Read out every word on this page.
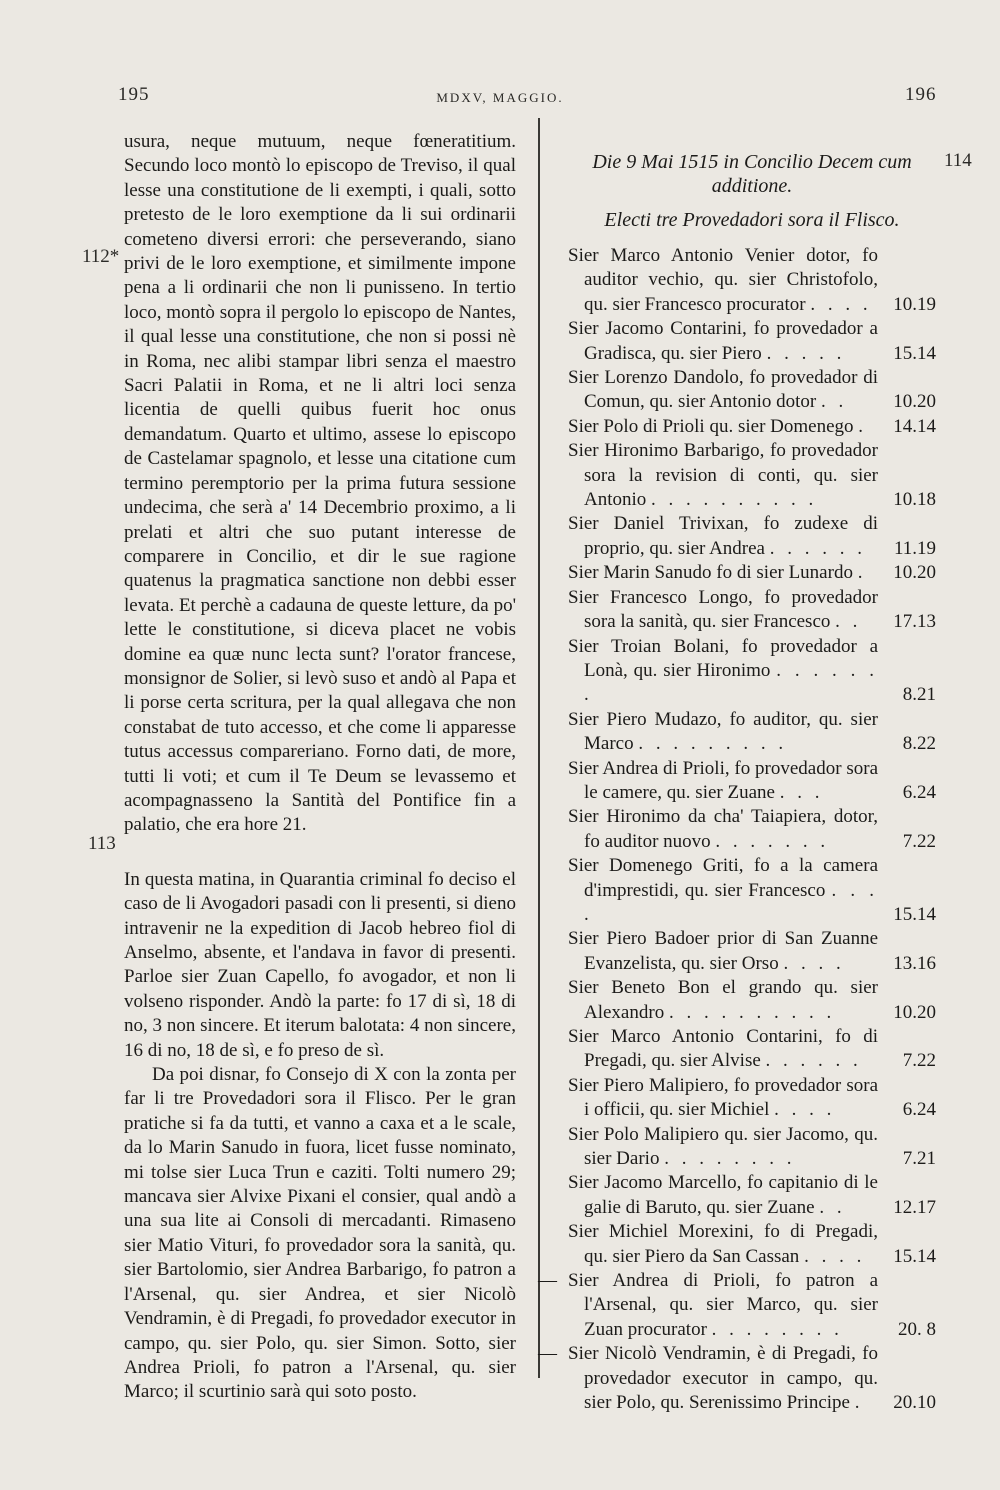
195	MDXV, MAGGIO.	196
112*
113
114

usura, neque mutuum, neque fœneratitium. Secundo loco montò lo episcopo de Treviso, il qual lesse una constitutione de li exempti, i quali, sotto pretesto de le loro exemptione da li sui ordinarii cometeno diversi errori: che perseverando, siano privi de le loro exemptione, et similmente impone pena a li ordinarii che non li punisseno. In tertio loco, montò sopra il pergolo lo episcopo de Nantes, il qual lesse una constitutione, che non si possi nè in Roma, nec alibi stampar libri senza el maestro Sacri Palatii in Roma, et ne li altri loci senza licentia de quelli quibus fuerit hoc onus demandatum. Quarto et ultimo, assese lo episcopo de Castelamar spagnolo, et lesse una citatione cum termino peremptorio per la prima futura sessione undecima, che serà a' 14 Decembrio proximo, a li prelati et altri che suo putant interesse de comparere in Concilio, et dir le sue ragione quatenus la pragmatica sanctione non debbi esser levata. Et perchè a cadauna de queste letture, da po' lette le constitutione, si diceva placet ne vobis domine ea quæ nunc lecta sunt? l'orator francese, monsignor de Solier, si levò suso et andò al Papa et li porse certa scritura, per la qual allegava che non constabat de tuto accesso, et che come li apparesse tutus accessus compareriano. Forno dati, de more, tutti li voti; et cum il Te Deum se levassemo et acompagnasseno la Santità del Pontifice fin a palatio, che era hore 21.

In questa matina, in Quarantia criminal fo deciso el caso de li Avogadori pasadi con li presenti, si dieno intravenir ne la expedition di Jacob hebreo fiol di Anselmo, absente, et l'andava in favor di presenti. Parloe sier Zuan Capello, fo avogador, et non li volseno risponder. Andò la parte: fo 17 di sì, 18 di no, 3 non sincere. Et iterum balotata: 4 non sincere, 16 di no, 18 de sì, e fo preso de sì.

Da poi disnar, fo Consejo di X con la zonta per far li tre Provedadori sora il Flisco. Per le gran pratiche si fa da tutti, et vanno a caxa et a le scale, da lo Marin Sanudo in fuora, licet fusse nominato, mi tolse sier Luca Trun e caziti. Tolti numero 29; mancava sier Alvixe Pixani el consier, qual andò a una sua lite ai Consoli di mercadanti. Rimaseno sier Matio Vituri, fo provedador sora la sanità, qu. sier Bartolomio, sier Andrea Barbarigo, fo patron a l'Arsenal, qu. sier Andrea, et sier Nicolò Vendramin, è di Pregadi, fo provedador executor in campo, qu. sier Polo, qu. sier Simon. Sotto, sier Andrea Prioli, fo patron a l'Arsenal, qu. sier Marco; il scurtinio sarà qui soto posto.

Die 9 Mai 1515 in Concilio Decem cum additione.

Electi tre Provedadori sora il Flisco.

Sier Marco Antonio Venier dotor, fo auditor vechio, qu. sier Christofolo, qu. sier Francesco procurator . . . .	10.19
Sier Jacomo Contarini, fo provedador a Gradisca, qu. sier Piero . . . . .	15.14
Sier Lorenzo Dandolo, fo provedador di Comun, qu. sier Antonio dotor . .	10.20
Sier Polo di Prioli qu. sier Domenego .	14.14
Sier Hironimo Barbarigo, fo provedador sora la revision di conti, qu. sier Antonio . . . . . . . . . .	10.18
Sier Daniel Trivixan, fo zudexe di proprio, qu. sier Andrea . . . . . .	11.19
Sier Marin Sanudo fo di sier Lunardo .	10.20
Sier Francesco Longo, fo provedador sora la sanità, qu. sier Francesco . .	17.13
Sier Troian Bolani, fo provedador a Lonà, qu. sier Hironimo . . . . . . .	8.21
Sier Piero Mudazo, fo auditor, qu. sier Marco . . . . . . . . .	8.22
Sier Andrea di Prioli, fo provedador sora le camere, qu. sier Zuane . . .	6.24
Sier Hironimo da cha' Taiapiera, dotor, fo auditor nuovo . . . . . . .	7.22
Sier Domenego Griti, fo a la camera d'imprestidi, qu. sier Francesco . . . .	15.14
Sier Piero Badoer prior di San Zuanne Evanzelista, qu. sier Orso . . . .	13.16
Sier Beneto Bon el grando qu. sier Alexandro . . . . . . . . . .	10.20
Sier Marco Antonio Contarini, fo di Pregadi, qu. sier Alvise . . . . . .	7.22
Sier Piero Malipiero, fo provedador sora i officii, qu. sier Michiel . . . .	6.24
Sier Polo Malipiero qu. sier Jacomo, qu. sier Dario . . . . . . . .	7.21
Sier Jacomo Marcello, fo capitanio di le galie di Baruto, qu. sier Zuane . .	12.17
Sier Michiel Morexini, fo di Pregadi, qu. sier Piero da San Cassan . . . .	15.14
— Sier Andrea di Prioli, fo patron a l'Arsenal, qu. sier Marco, qu. sier Zuan procurator . . . . . . . .	20. 8
— Sier Nicolò Vendramin, è di Pregadi, fo provedador executor in campo, qu. sier Polo, qu. Serenissimo Principe .	20.10
